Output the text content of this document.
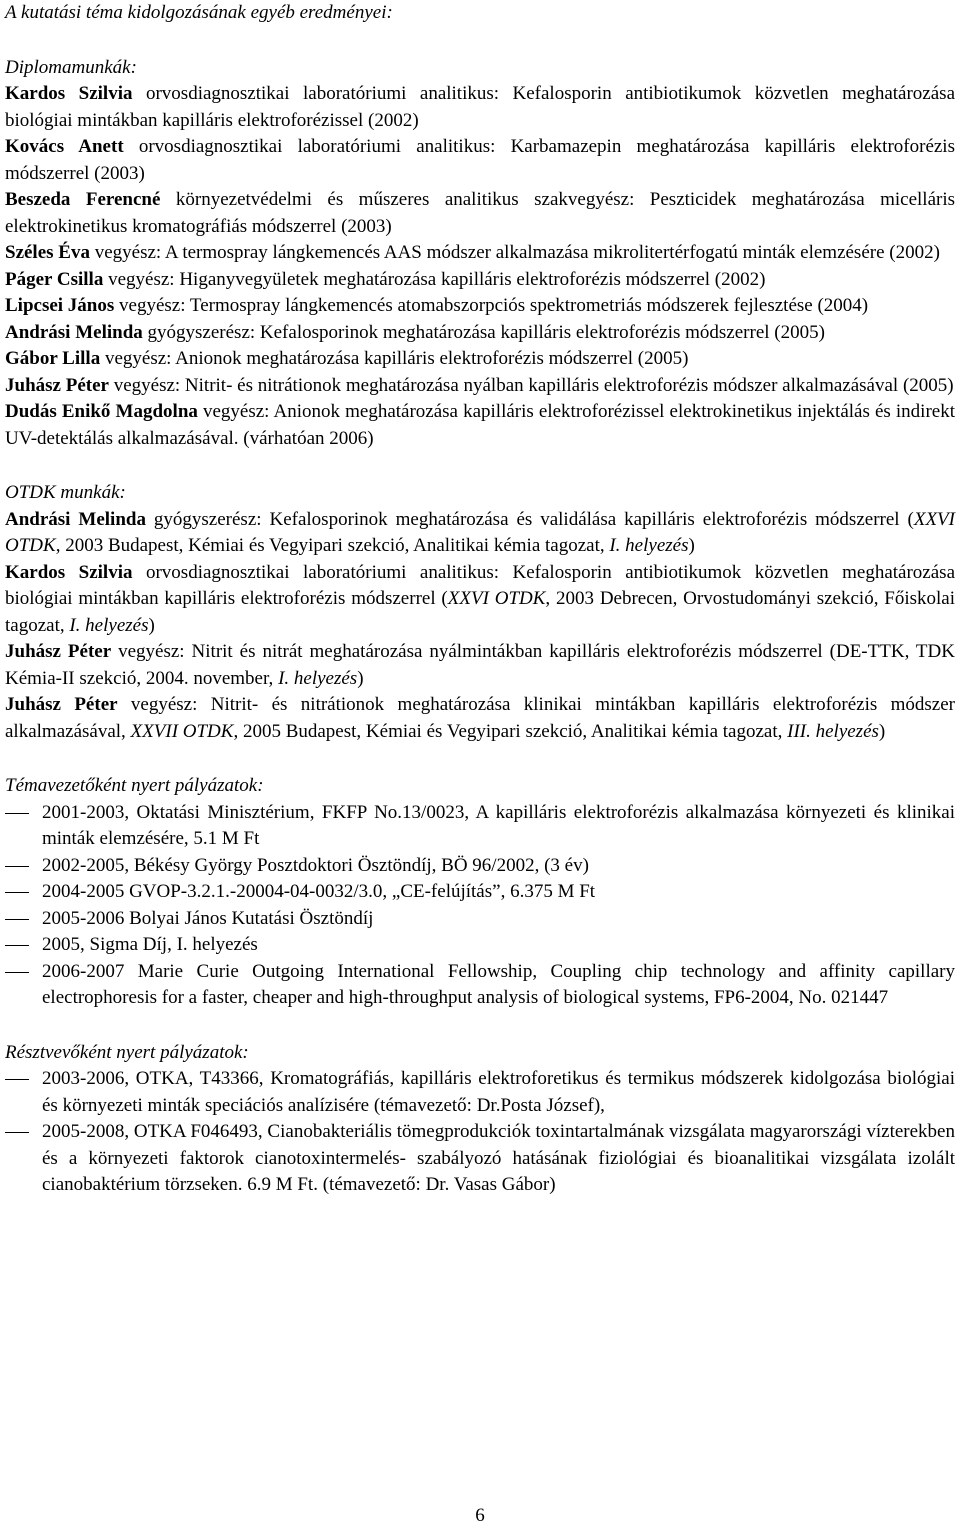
A kutatási téma kidolgozásának egyéb eredményei:
Diplomamunkák:

Kardos Szilvia orvosdiagnosztikai laboratóriumi analitikus: Kefalosporin antibiotikumok közvetlen meghatározása biológiai mintákban kapilláris elektroforézissel (2002)

Kovács Anett orvosdiagnosztikai laboratóriumi analitikus: Karbamazepin meghatározása kapilláris elektroforézis módszerrel (2003)

Beszeda Ferencné környezetvédelmi és műszeres analitikus szakvegyész: Peszticidek meghatározása micelláris elektrokinetikus kromatográfiás módszerrel (2003)

Széles Éva vegyész: A termospray lángkemencés AAS módszer alkalmazása mikrolitertérfogatú minták elemzésére (2002)

Páger Csilla vegyész: Higanyvegyületek meghatározása kapilláris elektroforézis módszerrel (2002)

Lipcsei János vegyész: Termospray lángkemencés atomabszorpciós spektrometriás módszerek fejlesztése (2004)

Andrási Melinda gyógyszerész: Kefalosporinok meghatározása kapilláris elektroforézis módszerrel (2005)

Gábor Lilla vegyész: Anionok meghatározása kapilláris elektroforézis módszerrel (2005)

Juhász Péter vegyész: Nitrit- és nitrátionok meghatározása nyálban kapilláris elektroforézis módszer alkalmazásával (2005)

Dudás Enikő Magdolna vegyész: Anionok meghatározása kapilláris elektroforézissel elektrokinetikus injektálás és indirekt UV-detektálás alkalmazásával. (várhatóan 2006)

OTDK munkák:

Andrási Melinda gyógyszerész: Kefalosporinok meghatározása és validálása kapilláris elektroforézis módszerrel (XXVI OTDK, 2003 Budapest, Kémiai és Vegyipari szekció, Analitikai kémia tagozat, I. helyezés)

Kardos Szilvia orvosdiagnosztikai laboratóriumi analitikus: Kefalosporin antibiotikumok közvetlen meghatározása biológiai mintákban kapilláris elektroforézis módszerrel (XXVI OTDK, 2003 Debrecen, Orvostudományi szekció, Főiskolai tagozat, I. helyezés)

Juhász Péter vegyész: Nitrit és nitrát meghatározása nyálmintákban kapilláris elektroforézis módszerrel (DE-TTK, TDK Kémia-II szekció, 2004. november, I. helyezés)

Juhász Péter vegyész: Nitrit- és nitrátionok meghatározása klinikai mintákban kapilláris elektroforézis módszer alkalmazásával, XXVII OTDK, 2005 Budapest, Kémiai és Vegyipari szekció, Analitikai kémia tagozat, III. helyezés)

Témavezetőként nyert pályázatok:
2001-2003, Oktatási Minisztérium, FKFP No.13/0023, A kapilláris elektroforézis alkalmazása környezeti és klinikai minták elemzésére, 5.1 M Ft
2002-2005, Békésy György Posztdoktori Ösztöndíj, BÖ 96/2002, (3 év)
2004-2005 GVOP-3.2.1.-20004-04-0032/3.0, „CE-felújítás”, 6.375 M Ft
2005-2006 Bolyai János Kutatási Ösztöndíj
2005, Sigma Díj, I. helyezés
2006-2007 Marie Curie Outgoing International Fellowship, Coupling chip technology and affinity capillary electrophoresis for a faster, cheaper and high-throughput analysis of biological systems, FP6-2004, No. 021447
Résztvevőként nyert pályázatok:
2003-2006, OTKA, T43366, Kromatográfiás, kapilláris elektroforetikus és termikus módszerek kidolgozása biológiai és környezeti minták speciációs analízisére (témavezető: Dr.Posta József),
2005-2008, OTKA F046493, Cianobakteriális tömegprodukciók toxintartalmának vizsgálata magyarországi vízterekben és a környezeti faktorok cianotoxintermelés- szabályozó hatásának fiziológiai és bioanalitikai vizsgálata izolált cianobaktérium törzseken. 6.9 M Ft. (témavezető: Dr. Vasas Gábor)
6
